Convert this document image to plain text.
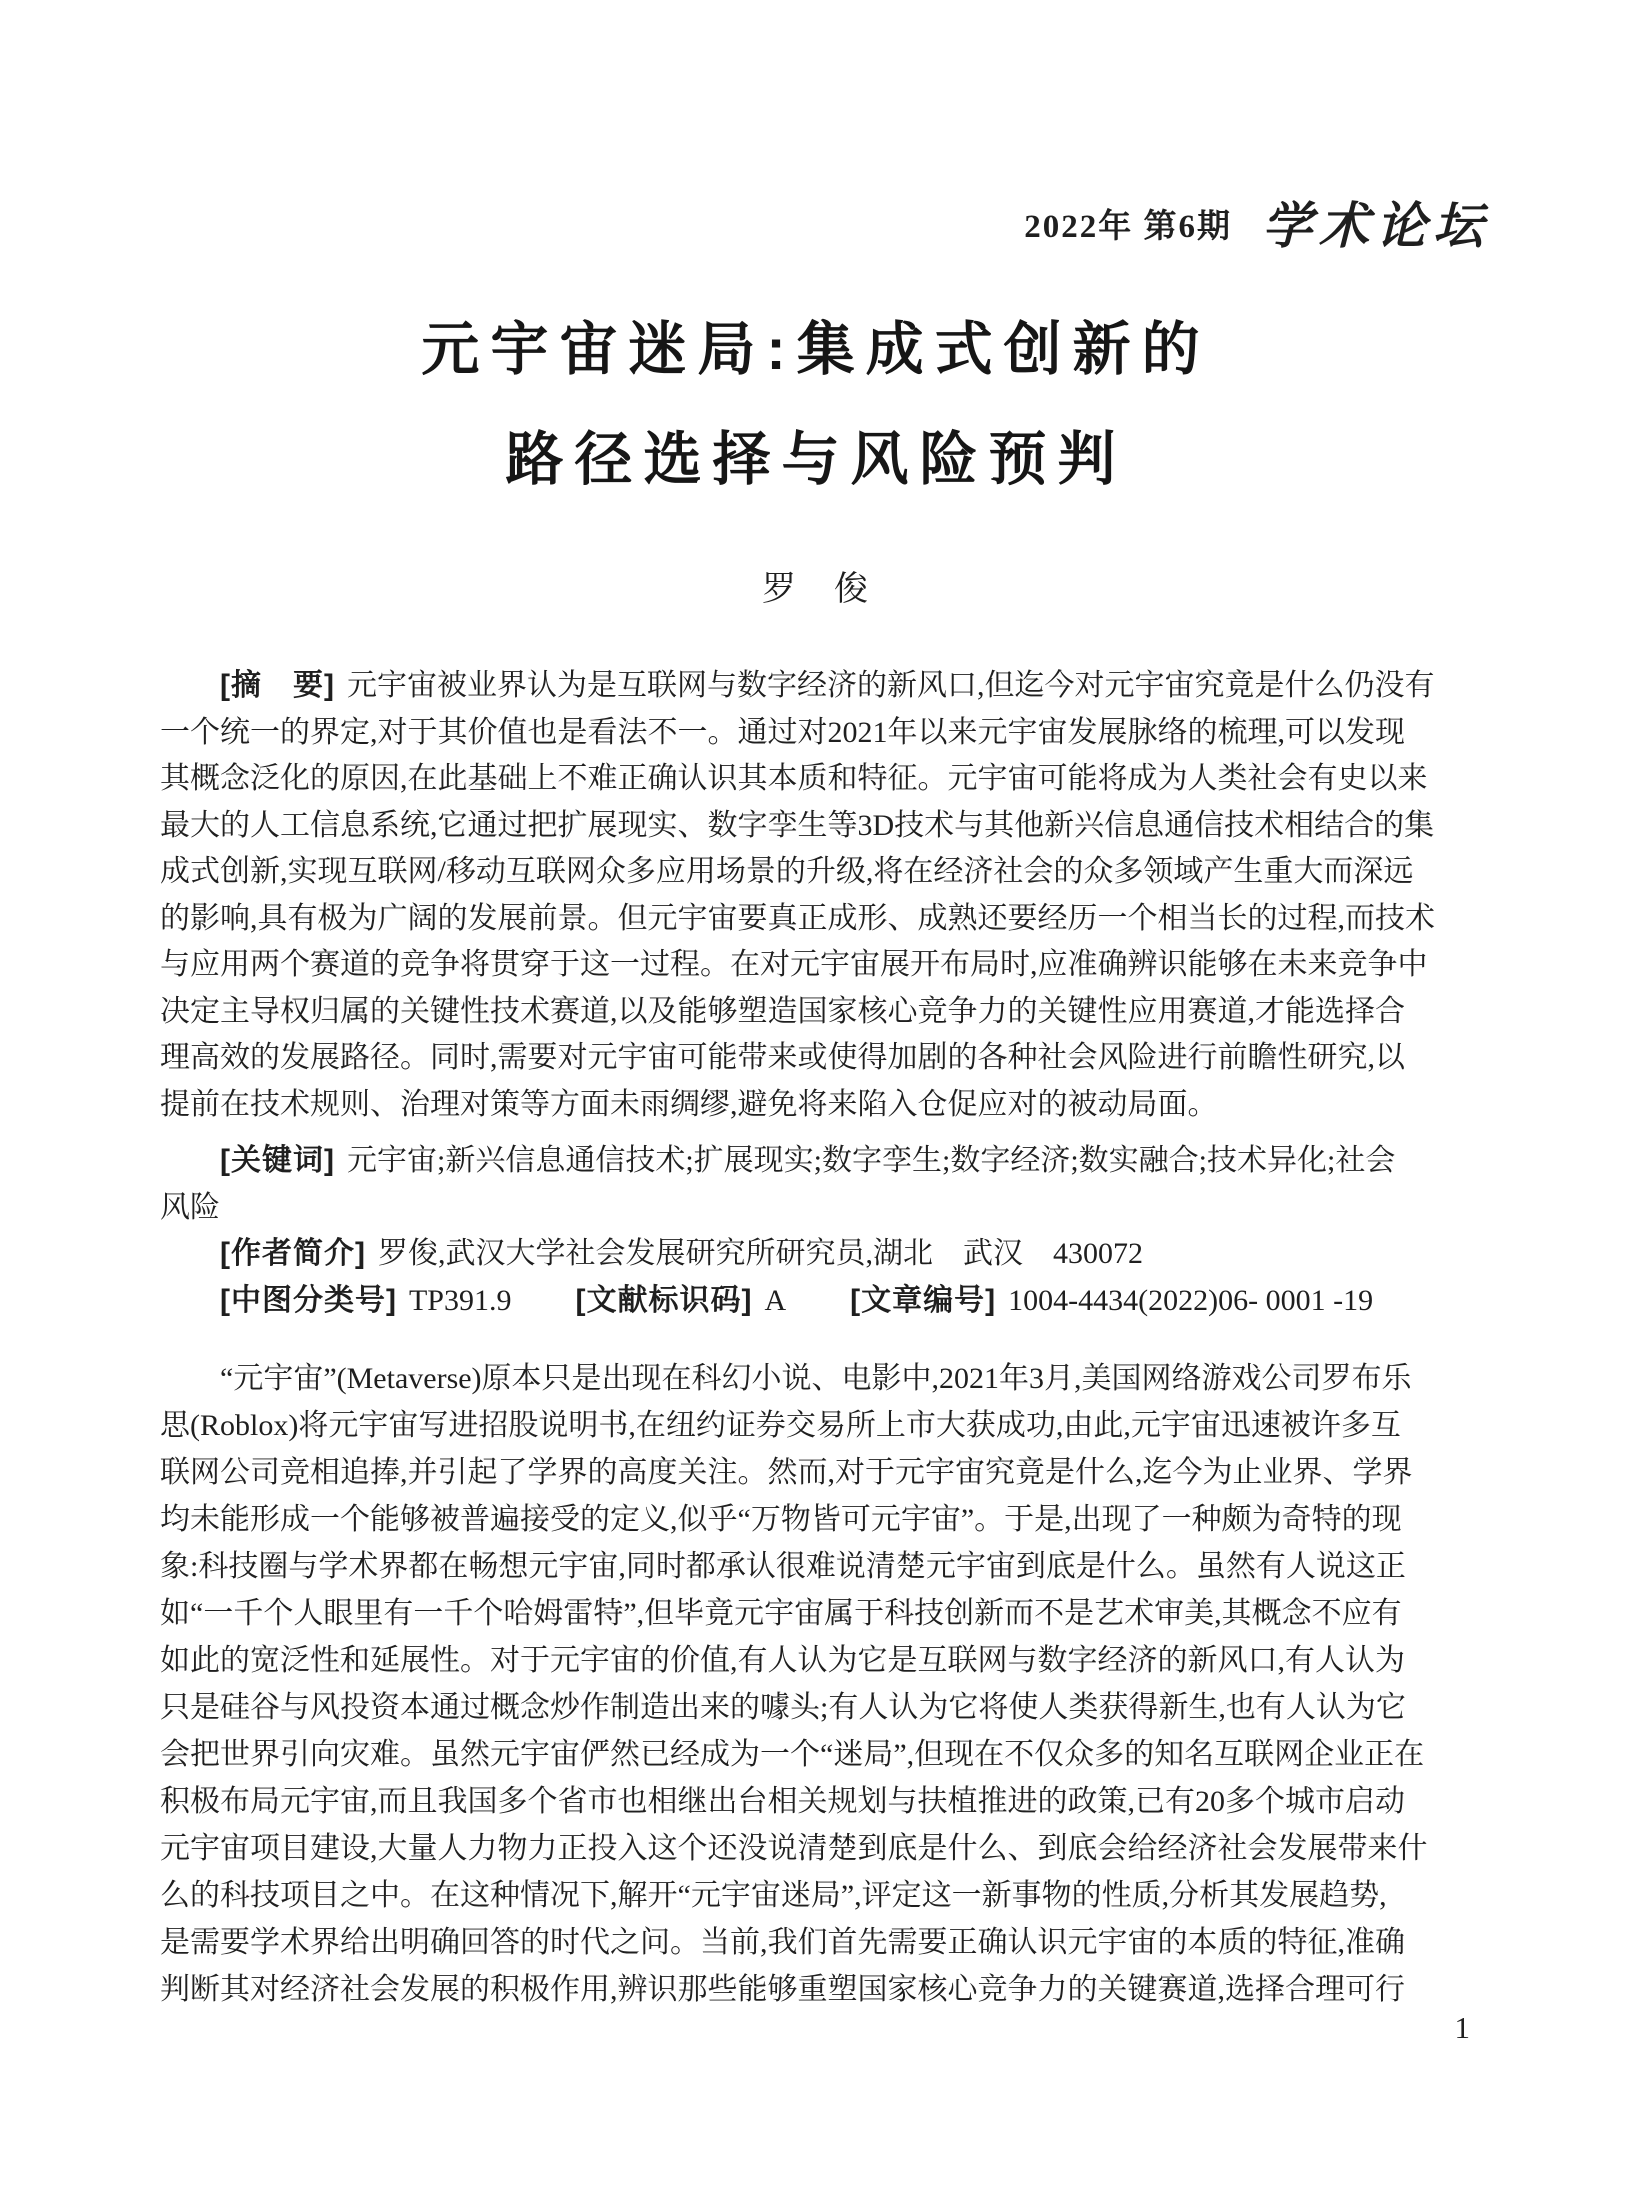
2022年 第6期 学术论坛
元宇宙迷局:集成式创新的
路径选择与风险预判
罗　俊
[摘　要] 元宇宙被业界认为是互联网与数字经济的新风口,但迄今对元宇宙究竟是什么仍没有
一个统一的界定,对于其价值也是看法不一。通过对2021年以来元宇宙发展脉络的梳理,可以发现
其概念泛化的原因,在此基础上不难正确认识其本质和特征。元宇宙可能将成为人类社会有史以来
最大的人工信息系统,它通过把扩展现实、数字孪生等3D技术与其他新兴信息通信技术相结合的集
成式创新,实现互联网/移动互联网众多应用场景的升级,将在经济社会的众多领域产生重大而深远
的影响,具有极为广阔的发展前景。但元宇宙要真正成形、成熟还要经历一个相当长的过程,而技术
与应用两个赛道的竞争将贯穿于这一过程。在对元宇宙展开布局时,应准确辨识能够在未来竞争中
决定主导权归属的关键性技术赛道,以及能够塑造国家核心竞争力的关键性应用赛道,才能选择合
理高效的发展路径。同时,需要对元宇宙可能带来或使得加剧的各种社会风险进行前瞻性研究,以
提前在技术规则、治理对策等方面未雨绸缪,避免将来陷入仓促应对的被动局面。
[关键词] 元宇宙;新兴信息通信技术;扩展现实;数字孪生;数字经济;数实融合;技术异化;社会
风险
[作者简介] 罗俊,武汉大学社会发展研究所研究员,湖北　武汉　430072
[中图分类号] TP391.9 [文献标识码] A [文章编号] 1004-4434(2022)06- 0001 -19
“元宇宙”(Metaverse)原本只是出现在科幻小说、电影中,2021年3月,美国网络游戏公司罗布乐
思(Roblox)将元宇宙写进招股说明书,在纽约证券交易所上市大获成功,由此,元宇宙迅速被许多互
联网公司竞相追捧,并引起了学界的高度关注。然而,对于元宇宙究竟是什么,迄今为止业界、学界
均未能形成一个能够被普遍接受的定义,似乎“万物皆可元宇宙”。于是,出现了一种颇为奇特的现
象:科技圈与学术界都在畅想元宇宙,同时都承认很难说清楚元宇宙到底是什么。虽然有人说这正
如“一千个人眼里有一千个哈姆雷特”,但毕竟元宇宙属于科技创新而不是艺术审美,其概念不应有
如此的宽泛性和延展性。对于元宇宙的价值,有人认为它是互联网与数字经济的新风口,有人认为
只是硅谷与风投资本通过概念炒作制造出来的噱头;有人认为它将使人类获得新生,也有人认为它
会把世界引向灾难。虽然元宇宙俨然已经成为一个“迷局”,但现在不仅众多的知名互联网企业正在
积极布局元宇宙,而且我国多个省市也相继出台相关规划与扶植推进的政策,已有20多个城市启动
元宇宙项目建设,大量人力物力正投入这个还没说清楚到底是什么、到底会给经济社会发展带来什
么的科技项目之中。在这种情况下,解开“元宇宙迷局”,评定这一新事物的性质,分析其发展趋势,
是需要学术界给出明确回答的时代之问。当前,我们首先需要正确认识元宇宙的本质的特征,准确
判断其对经济社会发展的积极作用,辨识那些能够重塑国家核心竞争力的关键赛道,选择合理可行
1
